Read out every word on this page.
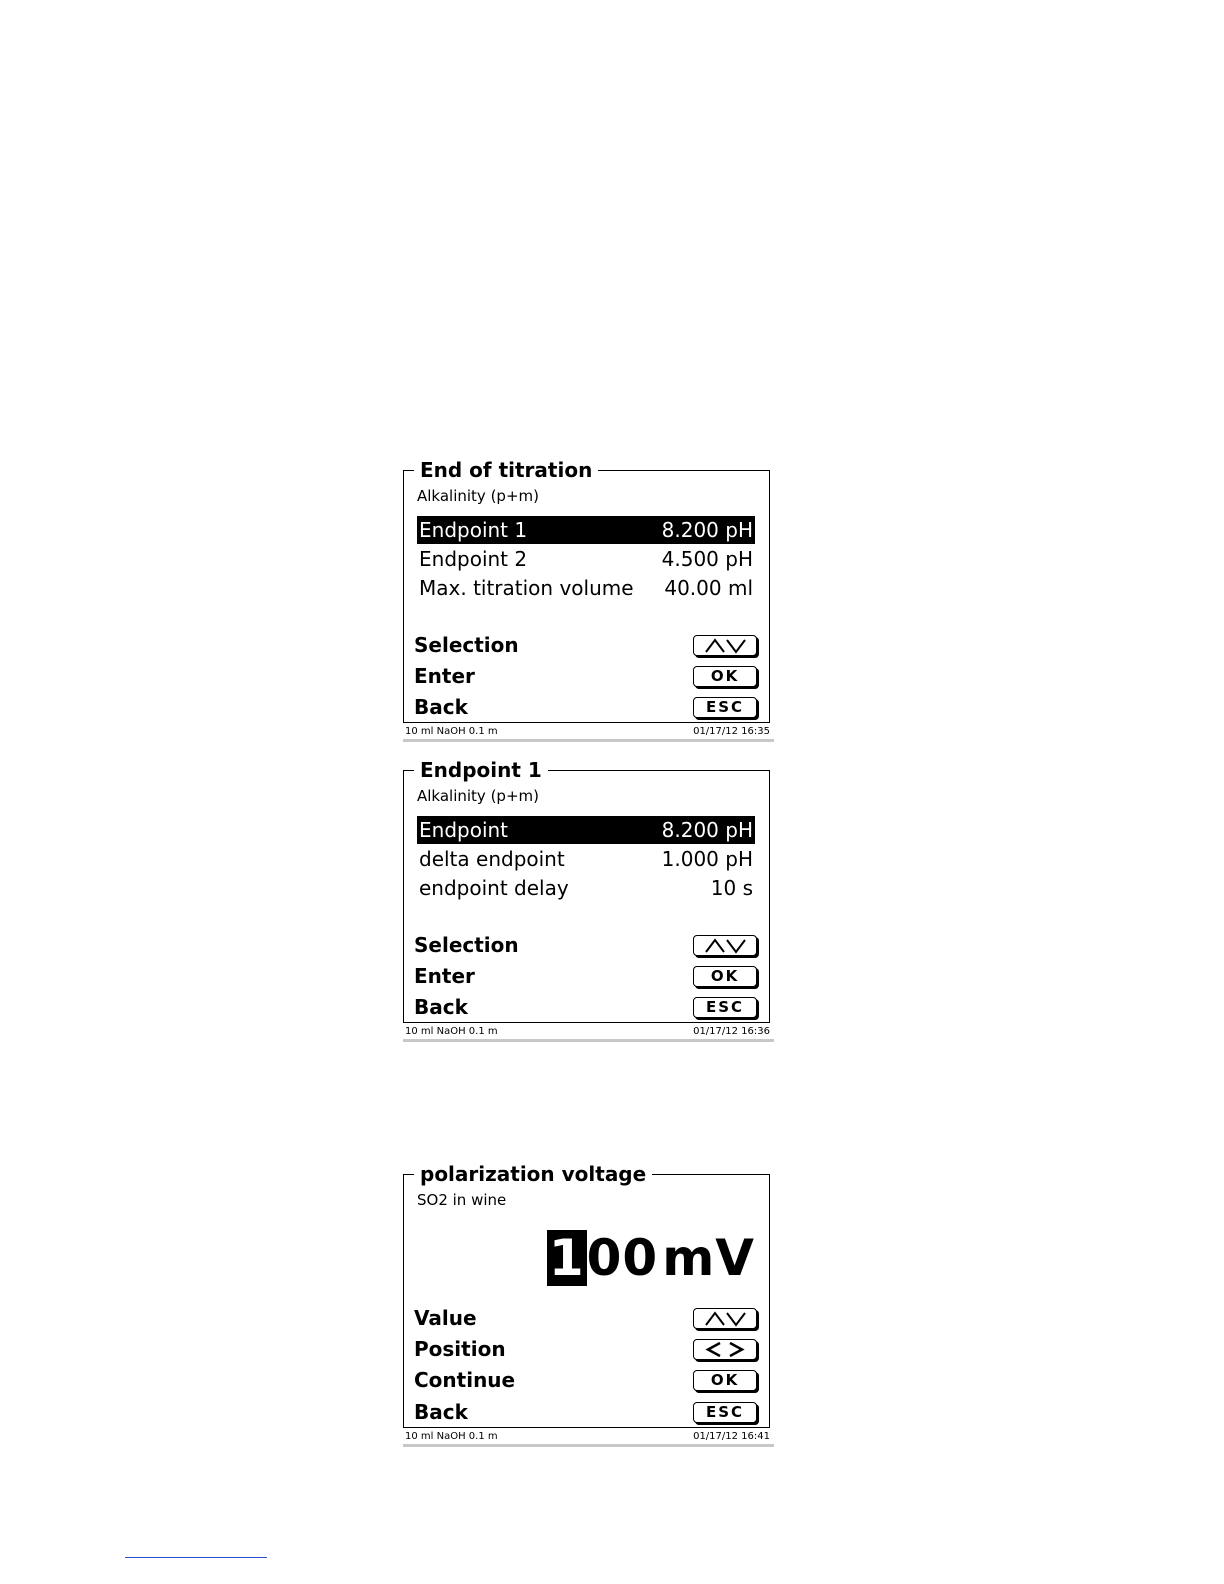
End of titration
Alkalinity (p+m)
Endpoint 1	8.200 pH
Endpoint 2	4.500 pH
Max. titration volume 40.00 ml
Selection
Enter	OK
Back	ESC
10 ml NaOH 0.1 m	01/17/12 16:35
Endpoint 1
Alkalinity (p+m)
Endpoint	8.200 pH
delta endpoint	1.000 pH
endpoint delay	10 s
Selection
Enter	OK
Back	ESC
10 ml NaOH 0.1 m	01/17/12 16:36
polarization voltage
SO2 in wine
100mV
Value
Position
Continue	OK
Back	ESC
10 ml NaOH 0.1 m	01/17/12 16:41
